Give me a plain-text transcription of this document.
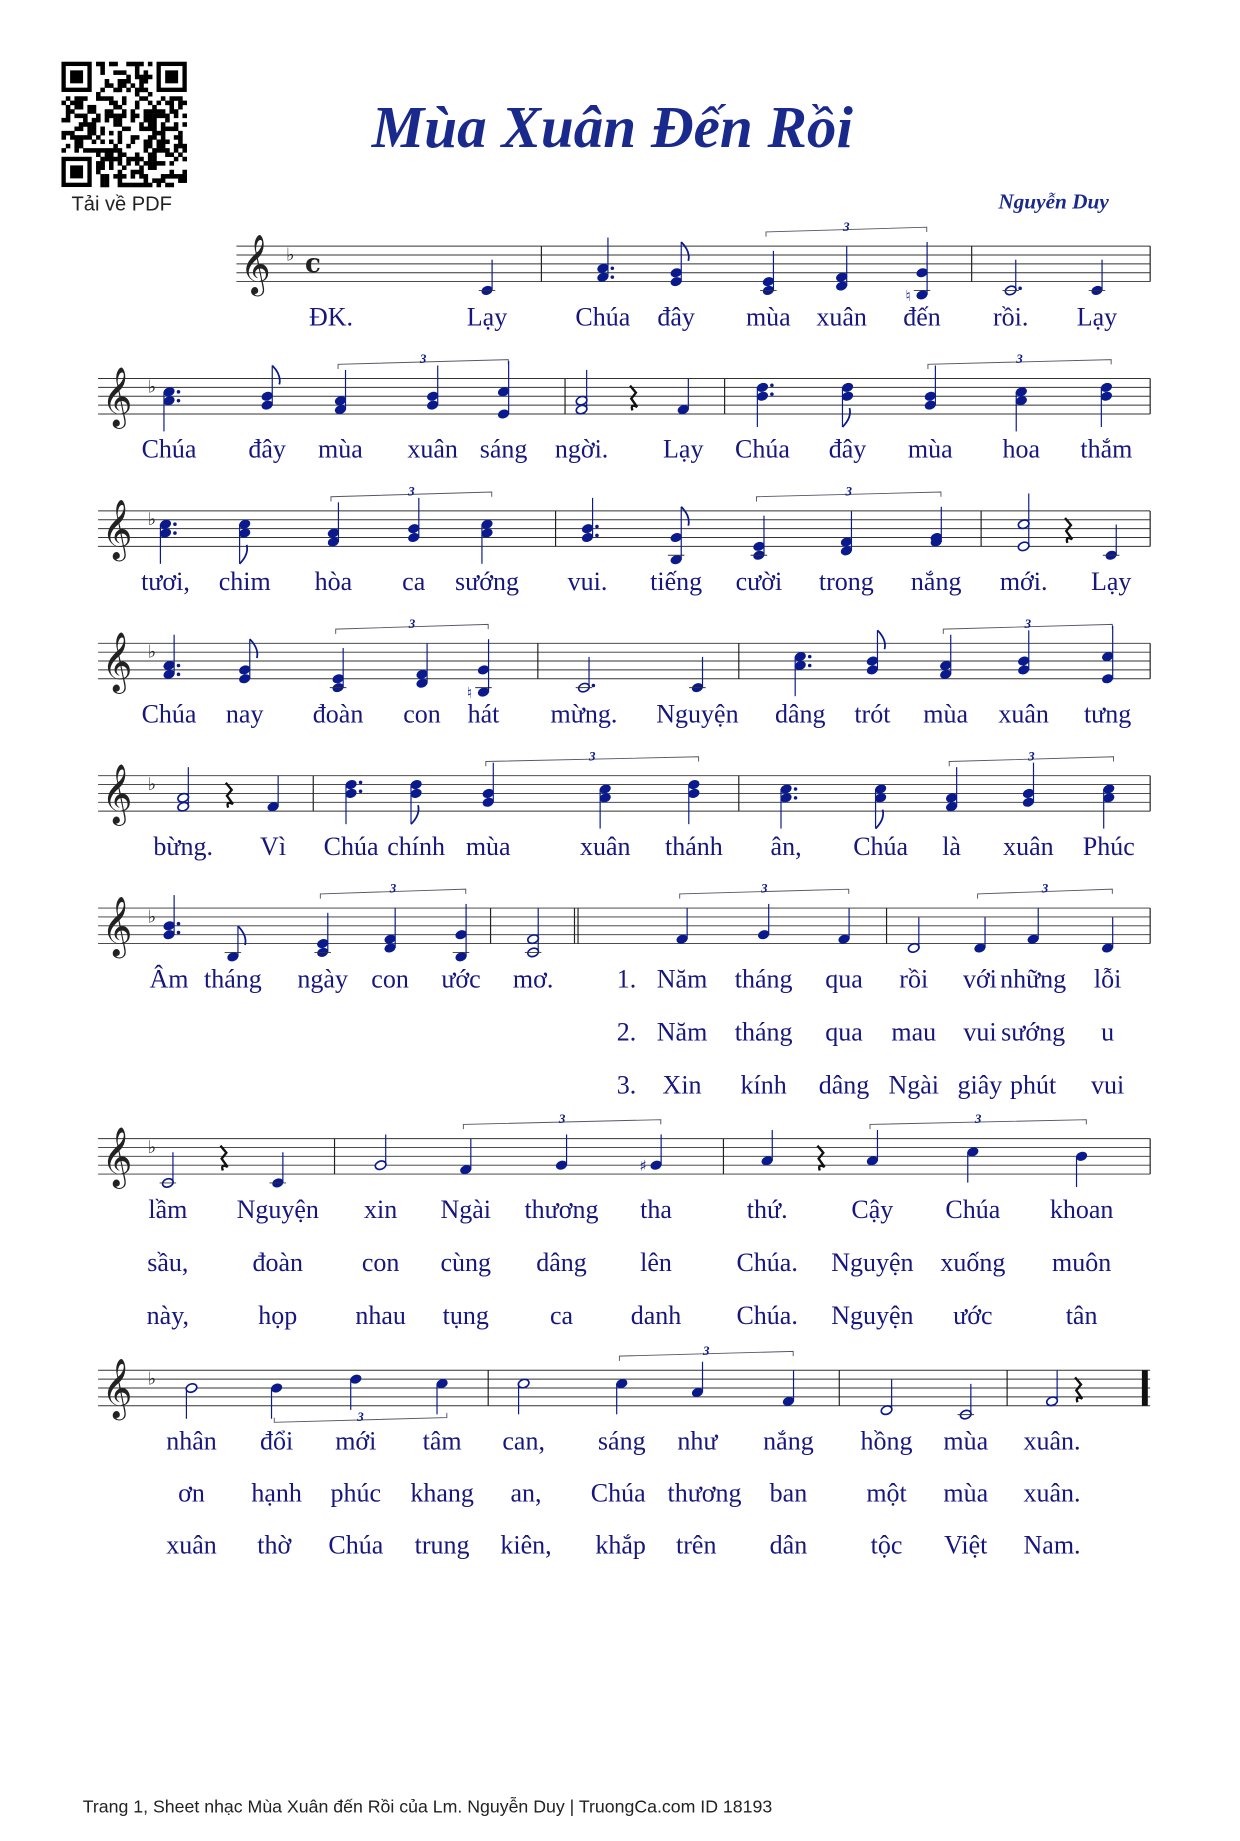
Tải về PDF
Mùa Xuân Đến Rồi
Nguyễn Duy
𝄞 ♭ c
3
♮
ĐK.	Lạy	Chúa đây mùa xuân đến rồi. Lạy
𝄞 ♭
3	3
Chúa đây mùa xuân sáng ngời. Lạy Chúa đây mùa hoa thắm
𝄞 ♭
3	3
tươi, chim hòa ca sướng vui. tiếng cười trong nắng mới. Lạy
𝄞 ♭
3
♮
3
Chúa nay đoàn con hát mừng. Nguyện dâng trót mùa xuân tưng
𝄞 ♭
3	3
bừng. Vì Chúa chính mùa	xuân thánh ân, Chúa là xuân Phúc
𝄞 ♭
3	3	3
Âm tháng ngày con ước mơ.	1. Năm tháng qua rồi với những lỗi
2. Năm tháng qua mau vui sướng u
3. Xin kính dâng Ngài giây phút vui
𝄞 ♭
3
♯
3
lầm Nguyện xin Ngài thương tha	thứ.	Cậy Chúa khoan
sầu,	đoàn	con cùng dâng lên	Chúa. Nguyện xuống muôn
này,	họp	nhau tụng	ca	danh	Chúa. Nguyện ước	tân
𝄞 ♭
3
3
nhân đổi mới tâm can, sáng như nắng hồng mùa xuân.
ơn hạnh phúc khang an, Chúa thương ban	một mùa xuân.
xuân thờ Chúa trung kiên, khắp trên dân	tộc Việt Nam.
Trang 1, Sheet nhạc Mùa Xuân đến Rồi của Lm. Nguyễn Duy | TruongCa.com ID 18193
